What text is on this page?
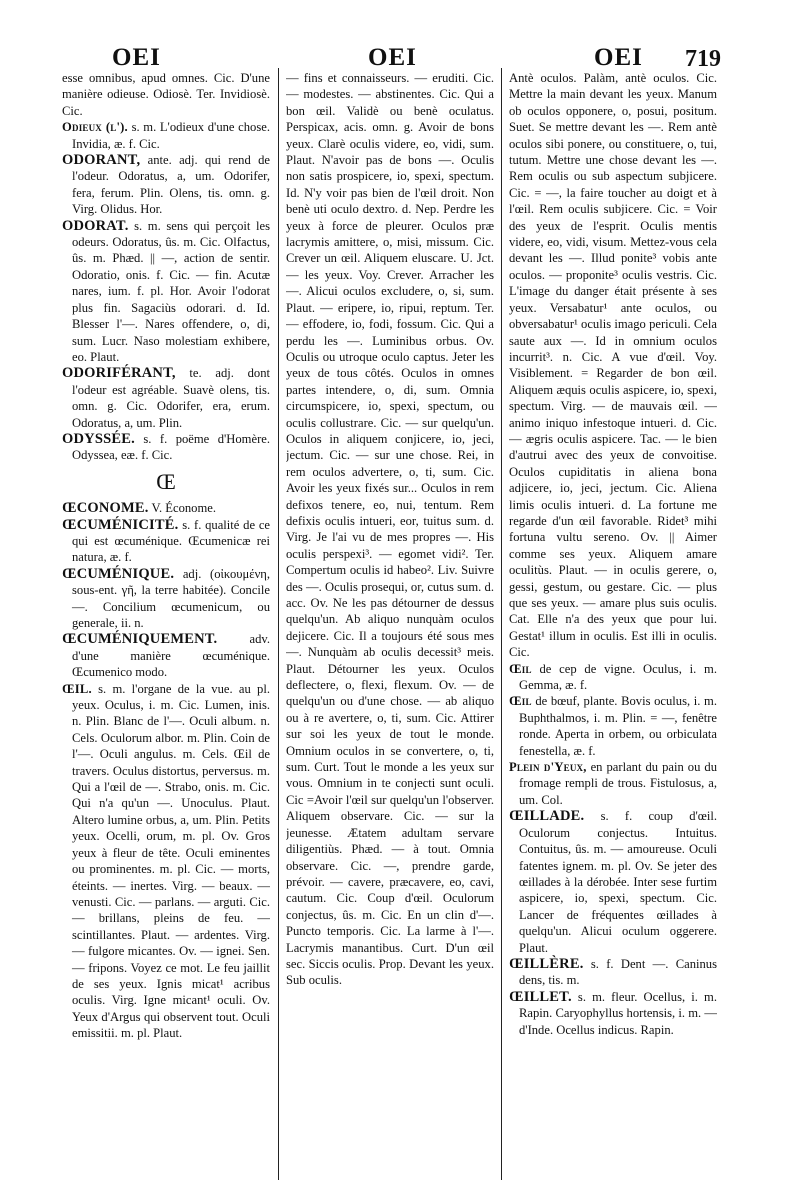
OEI	OEI	OEI 719

esse omnibus, apud omnes. Cic. D'une manière odieuse. Odiosè. Ter. Invidiosè. Cic.

Odieux (l'). s. m. L'odieux d'une chose. Invidia, æ. f. Cic.

ODORANT, ante. adj. qui rend de l'odeur. Odoratus, a, um. Odorifer, fera, ferum. Plin. Olens, tis. omn. g. Virg. Olidus. Hor.

ODORAT. s. m. sens qui perçoit les odeurs. Odoratus, ûs. m. Cic. Olfactus, ûs. m. Phæd. || —, action de sentir. Odoratio, onis. f. Cic. — fin. Acutæ nares, ium. f. pl. Hor. Avoir l'odorat plus fin. Sagaciùs odorari. d. Id. Blesser l'—. Nares offendere, o, di, sum. Lucr. Naso molestiam exhibere, eo. Plaut.

ODORIFÉRANT, te. adj. dont l'odeur est agréable. Suavè olens, tis. omn. g. Cic. Odorifer, era, erum. Odoratus, a, um. Plin.

ODYSSÉE. s. f. poëme d'Homère. Odyssea, eæ. f. Cic.

Œ

ŒCONOME. V. Économe.

ŒCUMÉNICITÉ. s. f. qualité de ce qui est œcuménique. Œcumenicæ rei natura, æ. f.

ŒCUMÉNIQUE. adj. (οἰκουμένη, sous-ent. γῆ, la terre habitée). Concile —. Concilium œcumenicum, ou generale, ii. n.

ŒCUMÉNIQUEMENT.	adv. d'une manière œcuménique. Œcumenico modo.

ŒIL. s. m. l'organe de la vue. au pl. yeux. Oculus, i. m. Cic. Lumen, inis. n. Plin. Blanc de l'—. Oculi album. n. Cels. Oculorum albor. m. Plin. Coin de l'—. Oculi angulus. m. Cels. Œil de travers. Oculus distortus, perversus. m. Qui a l'œil de —. Strabo, onis. m. Cic. Qui n'a qu'un —. Unoculus. Plaut. Altero lumine orbus, a, um. Plin. Petits yeux. Ocelli, orum, m. pl. Ov. Gros yeux à fleur de tête. Oculi eminentes ou prominentes. m. pl. Cic. — morts, éteints. — inertes. Virg. — beaux. — venusti. Cic. — parlans. — arguti. Cic. — brillans, pleins de feu. — scintillantes. Plaut. — ardentes. Virg. — fulgore micantes. Ov. — ignei. Sen. — fripons. Voyez ce mot. Le feu jaillit de ses yeux. Ignis micat¹ acribus oculis. Virg. Igne micant¹ oculi. Ov. Yeux d'Argus qui observent tout. Oculi emissitii. m. pl. Plaut.

— fins et connaisseurs. — eruditi. Cic. — modestes. — abstinentes. Cic. Qui a bon œil. Validè ou benè oculatus. Perspicax, acis. omn. g. Avoir de bons yeux. Clarè oculis videre, eo, vidi, sum. Plaut. N'avoir pas de bons —. Oculis non satis prospicere, io, spexi, spectum. Id. N'y voir pas bien de l'œil droit. Non benè uti oculo dextro. d. Nep. Perdre les yeux à force de pleurer. Oculos præ lacrymis amittere, o, misi, missum. Cic. Crever un œil. Aliquem eluscare. U. Jct. — les yeux. Voy. Crever. Arracher les —. Alicui oculos excludere, o, si, sum. Plaut. — eripere, io, ripui, reptum. Ter. — effodere, io, fodi, fossum. Cic. Qui a perdu les —. Luminibus orbus. Ov. Oculis ou utroque oculo captus. Jeter les yeux de tous côtés. Oculos in omnes partes intendere, o, di, sum. Omnia circumspicere, io, spexi, spectum, ou oculis collustrare. Cic. — sur quelqu'un. Oculos in aliquem conjicere, io, jeci, jectum. Cic. — sur une chose. Rei, in rem oculos advertere, o, ti, sum. Cic. Avoir les yeux fixés sur... Oculos in rem defixos tenere, eo, nui, tentum. Rem defixis oculis intueri, eor, tuitus sum. d. Virg. Je l'ai vu de mes propres —. His oculis perspexi³. — egomet vidi². Ter. Compertum oculis id habeo². Liv. Suivre des —. Oculis prosequi, or, cutus sum. d. acc. Ov. Ne les pas détourner de dessus quelqu'un. Ab aliquo nunquàm oculos dejicere. Cic. Il a toujours été sous mes —. Nunquàm ab oculis decessit³ meis. Plaut. Détourner les yeux. Oculos deflectere, o, flexi, flexum. Ov. — de quelqu'un ou d'une chose. — ab aliquo ou à re avertere, o, ti, sum. Cic. Attirer sur soi les yeux de tout le monde. Omnium oculos in se convertere, o, ti, sum. Curt. Tout le monde a les yeux sur vous. Omnium in te conjecti sunt oculi. Cic =Avoir l'œil sur quelqu'un l'observer. Aliquem observare. Cic. — sur la jeunesse. Ætatem adultam servare diligentiùs. Phæd. — à tout. Omnia observare. Cic. —, prendre garde, prévoir. — cavere, præcavere, eo, cavi, cautum. Cic. Coup d'œil. Oculorum conjectus, ûs. m. Cic. En un clin d'—. Puncto temporis. Cic. La larme à l'—. Lacrymis manantibus. Curt. D'un œil sec. Siccis oculis. Prop. Devant les yeux. Sub oculis.

Antè oculos. Palàm, antè oculos. Cic. Mettre la main devant les yeux. Manum ob oculos opponere, o, posui, positum. Suet. Se mettre devant les —. Rem antè oculos sibi ponere, ou constituere, o, tui, tutum. Mettre une chose devant les —. Rem oculis ou sub aspectum subjicere. Cic. = —, la faire toucher au doigt et à l'œil. Rem oculis subjicere. Cic. = Voir des yeux de l'esprit. Oculis mentis videre, eo, vidi, visum. Mettez-vous cela devant les —. Illud ponite³ vobis ante oculos. — proponite³ oculis vestris. Cic. L'image du danger était présente à ses yeux. Versabatur¹ ante oculos, ou obversabatur¹ oculis imago periculi. Cela saute aux —. Id in omnium oculos incurrit³. n. Cic. A vue d'œil. Voy. Visiblement. = Regarder de bon œil. Aliquem æquis oculis aspicere, io, spexi, spectum. Virg. — de mauvais œil. — animo iniquo infestoque intueri. d. Cic. — ægris oculis aspicere. Tac. — le bien d'autrui avec des yeux de convoitise. Oculos cupiditatis in aliena bona adjicere, io, jeci, jectum. Cic. Aliena limis oculis intueri. d. La fortune me regarde d'un œil favorable. Ridet³ mihi fortuna vultu sereno. Ov. || Aimer comme ses yeux. Aliquem amare oculitùs. Plaut. — in oculis gerere, o, gessi, gestum, ou gestare. Cic. — plus que ses yeux. — amare plus suis oculis. Cat. Elle n'a des yeux que pour lui. Gestat¹ illum in oculis. Est illi in oculis. Cic.

Œil de cep de vigne. Oculus, i. m. Gemma, æ. f.

Œil de bœuf, plante. Bovis oculus, i. m. Buphthalmos, i. m. Plin. = —, fenêtre ronde. Aperta in orbem, ou orbiculata fenestella, æ. f.

Plein d'Yeux, en parlant du pain ou du fromage rempli de trous. Fistulosus, a, um. Col.

ŒILLADE. s. f. coup d'œil. Oculorum conjectus. Intuitus. Contuitus, ûs. m. — amoureuse. Oculi fatentes ignem. m. pl. Ov. Se jeter des œillades à la dérobée. Inter sese furtim aspicere, io, spexi, spectum. Cic. Lancer de fréquentes œillades à quelqu'un. Alicui oculum oggerere. Plaut.

ŒILLÈRE. s. f. Dent —. Caninus dens, tis. m.

ŒILLET. s. m. fleur. Ocellus, i. m. Rapin. Caryophyllus hortensis, i. m. — d'Inde. Ocellus indicus. Rapin.
